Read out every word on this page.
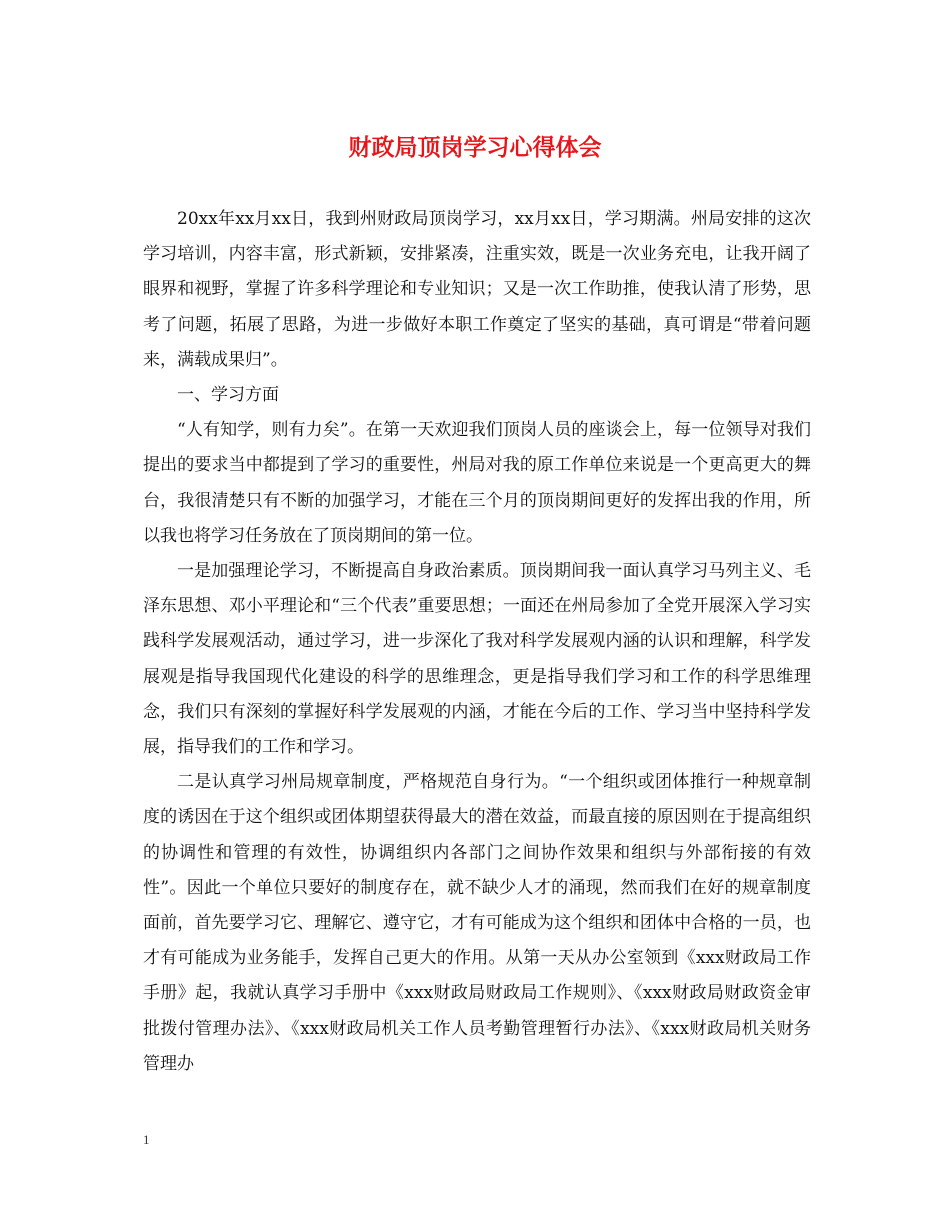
财政局顶岗学习心得体会

20xx年xx月xx日，我到州财政局顶岗学习，xx月xx日，学习期满。州局安排的这次学习培训，内容丰富，形式新颖，安排紧凑，注重实效，既是一次业务充电，让我开阔了眼界和视野，掌握了许多科学理论和专业知识；又是一次工作助推，使我认清了形势，思考了问题，拓展了思路，为进一步做好本职工作奠定了坚实的基础，真可谓是“带着问题来，满载成果归”。

一、学习方面

“人有知学，则有力矣”。在第一天欢迎我们顶岗人员的座谈会上，每一位领导对我们提出的要求当中都提到了学习的重要性，州局对我的原工作单位来说是一个更高更大的舞台，我很清楚只有不断的加强学习，才能在三个月的顶岗期间更好的发挥出我的作用，所以我也将学习任务放在了顶岗期间的第一位。

一是加强理论学习，不断提高自身政治素质。顶岗期间我一面认真学习马列主义、毛泽东思想、邓小平理论和“三个代表”重要思想；一面还在州局参加了全党开展深入学习实践科学发展观活动，通过学习，进一步深化了我对科学发展观内涵的认识和理解，科学发展观是指导我国现代化建设的科学的思维理念，更是指导我们学习和工作的科学思维理念，我们只有深刻的掌握好科学发展观的内涵，才能在今后的工作、学习当中坚持科学发展，指导我们的工作和学习。

二是认真学习州局规章制度，严格规范自身行为。“一个组织或团体推行一种规章制度的诱因在于这个组织或团体期望获得最大的潜在效益，而最直接的原因则在于提高组织的协调性和管理的有效性，协调组织内各部门之间协作效果和组织与外部衔接的有效性”。因此一个单位只要好的制度存在，就不缺少人才的涌现，然而我们在好的规章制度面前，首先要学习它、理解它、遵守它，才有可能成为这个组织和团体中合格的一员，也才有可能成为业务能手，发挥自己更大的作用。从第一天从办公室领到《xxx财政局工作手册》起，我就认真学习手册中《xxx财政局财政局工作规则》、《xxx财政局财政资金审批拨付管理办法》、《xxx财政局机关工作人员考勤管理暂行办法》、《xxx财政局机关财务管理办

1
